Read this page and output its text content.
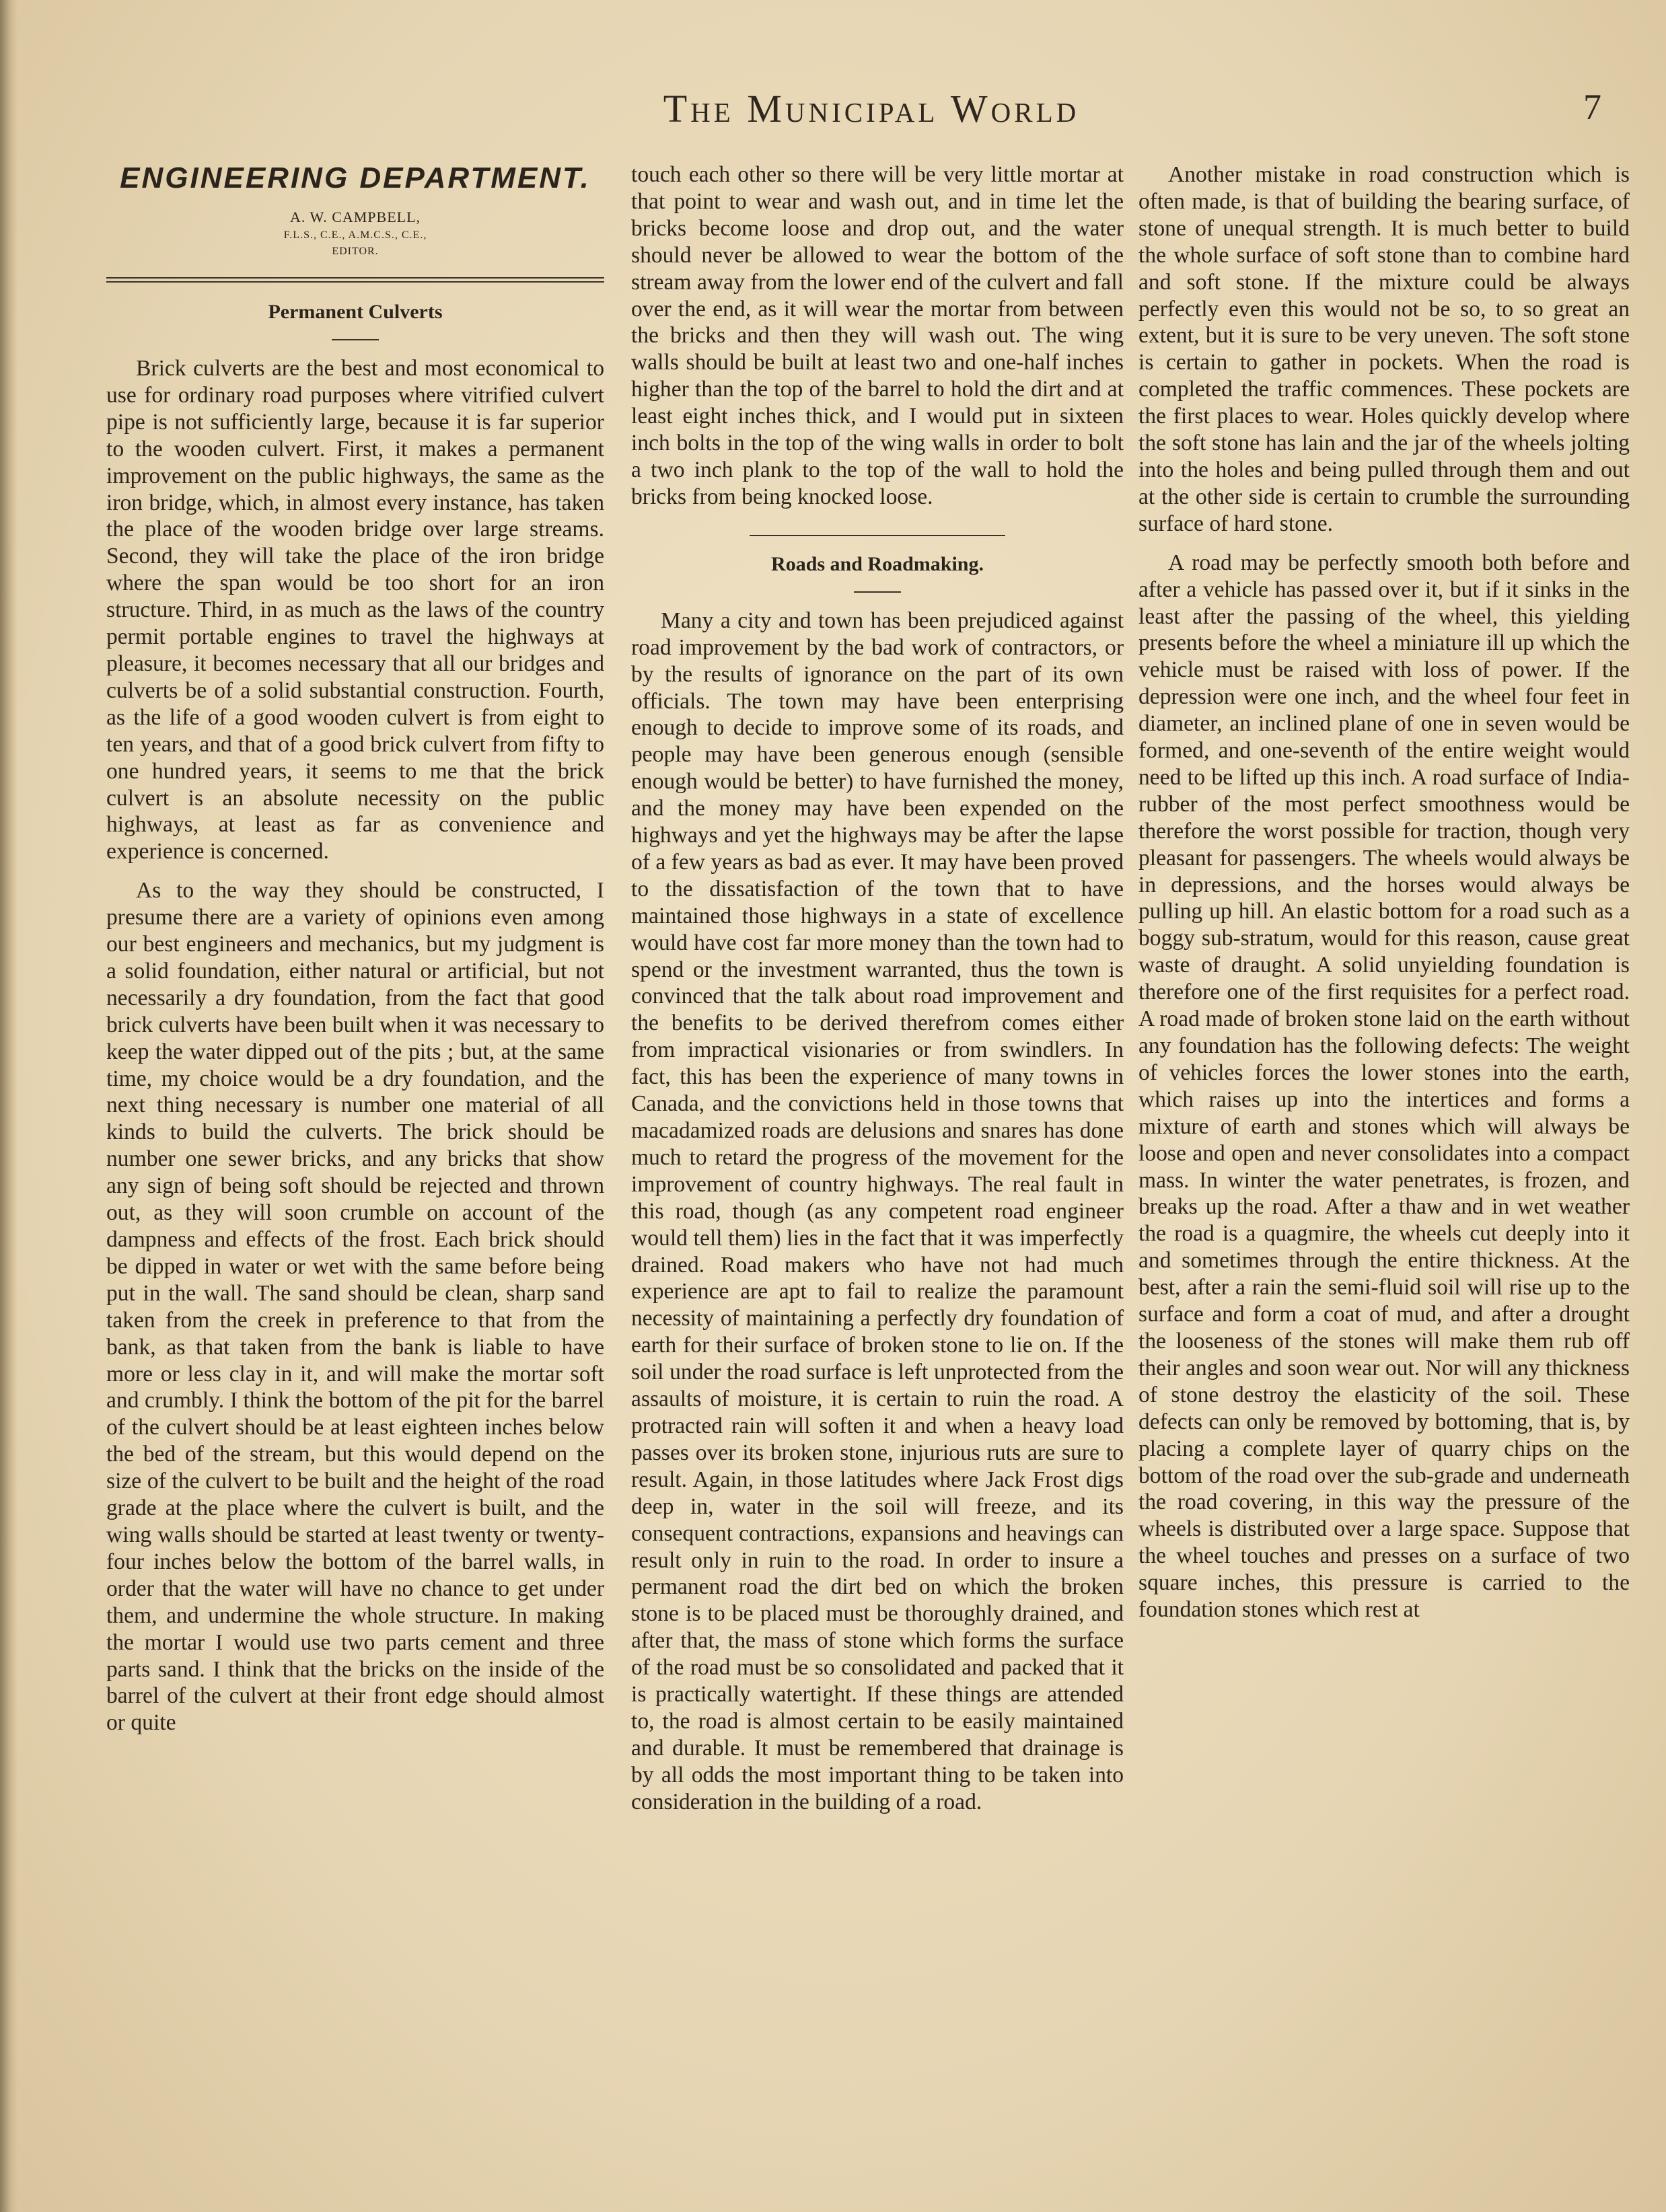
The Municipal World	7
ENGINEERING DEPARTMENT.
A. W. CAMPBELL,
F.L.S., C.E., A.M.C.S., C.E.,
EDITOR.
Permanent Culverts

Brick culverts are the best and most economical to use for ordinary road purposes where vitrified culvert pipe is not sufficiently large, because it is far superior to the wooden culvert. First, it makes a permanent improvement on the public highways, the same as the iron bridge, which, in almost every instance, has taken the place of the wooden bridge over large streams. Second, they will take the place of the iron bridge where the span would be too short for an iron structure. Third, in as much as the laws of the country permit portable engines to travel the highways at pleasure, it becomes necessary that all our bridges and culverts be of a solid substantial construction. Fourth, as the life of a good wooden culvert is from eight to ten years, and that of a good brick culvert from fifty to one hundred years, it seems to me that the brick culvert is an absolute necessity on the public highways, at least as far as convenience and experience is concerned.

As to the way they should be constructed, I presume there are a variety of opinions even among our best engineers and mechanics, but my judgment is a solid foundation, either natural or artificial, but not necessarily a dry foundation, from the fact that good brick culverts have been built when it was necessary to keep the water dipped out of the pits ; but, at the same time, my choice would be a dry foundation, and the next thing necessary is number one material of all kinds to build the culverts. The brick should be number one sewer bricks, and any bricks that show any sign of being soft should be rejected and thrown out, as they will soon crumble on account of the dampness and effects of the frost. Each brick should be dipped in water or wet with the same before being put in the wall. The sand should be clean, sharp sand taken from the creek in preference to that from the bank, as that taken from the bank is liable to have more or less clay in it, and will make the mortar soft and crumbly. I think the bottom of the pit for the barrel of the culvert should be at least eighteen inches below the bed of the stream, but this would depend on the size of the culvert to be built and the height of the road grade at the place where the culvert is built, and the wing walls should be started at least twenty or twenty-four inches below the bottom of the barrel walls, in order that the water will have no chance to get under them, and undermine the whole structure. In making the mortar I would use two parts cement and three parts sand. I think that the bricks on the inside of the barrel of the culvert at their front edge should almost or quite

touch each other so there will be very little mortar at that point to wear and wash out, and in time let the bricks become loose and drop out, and the water should never be allowed to wear the bottom of the stream away from the lower end of the culvert and fall over the end, as it will wear the mortar from between the bricks and then they will wash out. The wing walls should be built at least two and one-half inches higher than the top of the barrel to hold the dirt and at least eight inches thick, and I would put in sixteen inch bolts in the top of the wing walls in order to bolt a two inch plank to the top of the wall to hold the bricks from being knocked loose.

Roads and Roadmaking.

Many a city and town has been prejudiced against road improvement by the bad work of contractors, or by the results of ignorance on the part of its own officials. The town may have been enterprising enough to decide to improve some of its roads, and people may have been generous enough (sensible enough would be better) to have furnished the money, and the money may have been expended on the highways and yet the highways may be after the lapse of a few years as bad as ever. It may have been proved to the dissatisfaction of the town that to have maintained those highways in a state of excellence would have cost far more money than the town had to spend or the investment warranted, thus the town is convinced that the talk about road improvement and the benefits to be derived therefrom comes either from impractical visionaries or from swindlers. In fact, this has been the experience of many towns in Canada, and the convictions held in those towns that macadamized roads are delusions and snares has done much to retard the progress of the movement for the improvement of country highways. The real fault in this road, though (as any competent road engineer would tell them) lies in the fact that it was imperfectly drained. Road makers who have not had much experience are apt to fail to realize the paramount necessity of maintaining a perfectly dry foundation of earth for their surface of broken stone to lie on. If the soil under the road surface is left unprotected from the assaults of moisture, it is certain to ruin the road. A protracted rain will soften it and when a heavy load passes over its broken stone, injurious ruts are sure to result. Again, in those latitudes where Jack Frost digs deep in, water in the soil will freeze, and its consequent contractions, expansions and heavings can result only in ruin to the road. In order to insure a permanent road the dirt bed on which the broken stone is to be placed must be thoroughly drained, and after that, the mass of stone which forms the surface of the road must be so consolidated and packed that it is practically watertight. If these things are attended to, the road is almost certain to be easily maintained and durable. It must be remembered that drainage is by all odds the most important thing to be taken into consideration in the building of a road.

Another mistake in road construction which is often made, is that of building the bearing surface, of stone of unequal strength. It is much better to build the whole surface of soft stone than to combine hard and soft stone. If the mixture could be always perfectly even this would not be so, to so great an extent, but it is sure to be very uneven. The soft stone is certain to gather in pockets. When the road is completed the traffic commences. These pockets are the first places to wear. Holes quickly develop where the soft stone has lain and the jar of the wheels jolting into the holes and being pulled through them and out at the other side is certain to crumble the surrounding surface of hard stone.

A road may be perfectly smooth both before and after a vehicle has passed over it, but if it sinks in the least after the passing of the wheel, this yielding presents before the wheel a miniature ill up which the vehicle must be raised with loss of power. If the depression were one inch, and the wheel four feet in diameter, an inclined plane of one in seven would be formed, and one-seventh of the entire weight would need to be lifted up this inch. A road surface of India-rubber of the most perfect smoothness would be therefore the worst possible for traction, though very pleasant for passengers. The wheels would always be in depressions, and the horses would always be pulling up hill. An elastic bottom for a road such as a boggy sub-stratum, would for this reason, cause great waste of draught. A solid unyielding foundation is therefore one of the first requisites for a perfect road. A road made of broken stone laid on the earth without any foundation has the following defects: The weight of vehicles forces the lower stones into the earth, which raises up into the intertices and forms a mixture of earth and stones which will always be loose and open and never consolidates into a compact mass. In winter the water penetrates, is frozen, and breaks up the road. After a thaw and in wet weather the road is a quagmire, the wheels cut deeply into it and sometimes through the entire thickness. At the best, after a rain the semi-fluid soil will rise up to the surface and form a coat of mud, and after a drought the looseness of the stones will make them rub off their angles and soon wear out. Nor will any thickness of stone destroy the elasticity of the soil. These defects can only be removed by bottoming, that is, by placing a complete layer of quarry chips on the bottom of the road over the sub-grade and underneath the road covering, in this way the pressure of the wheels is distributed over a large space. Suppose that the wheel touches and presses on a surface of two square inches, this pressure is carried to the foundation stones which rest at
